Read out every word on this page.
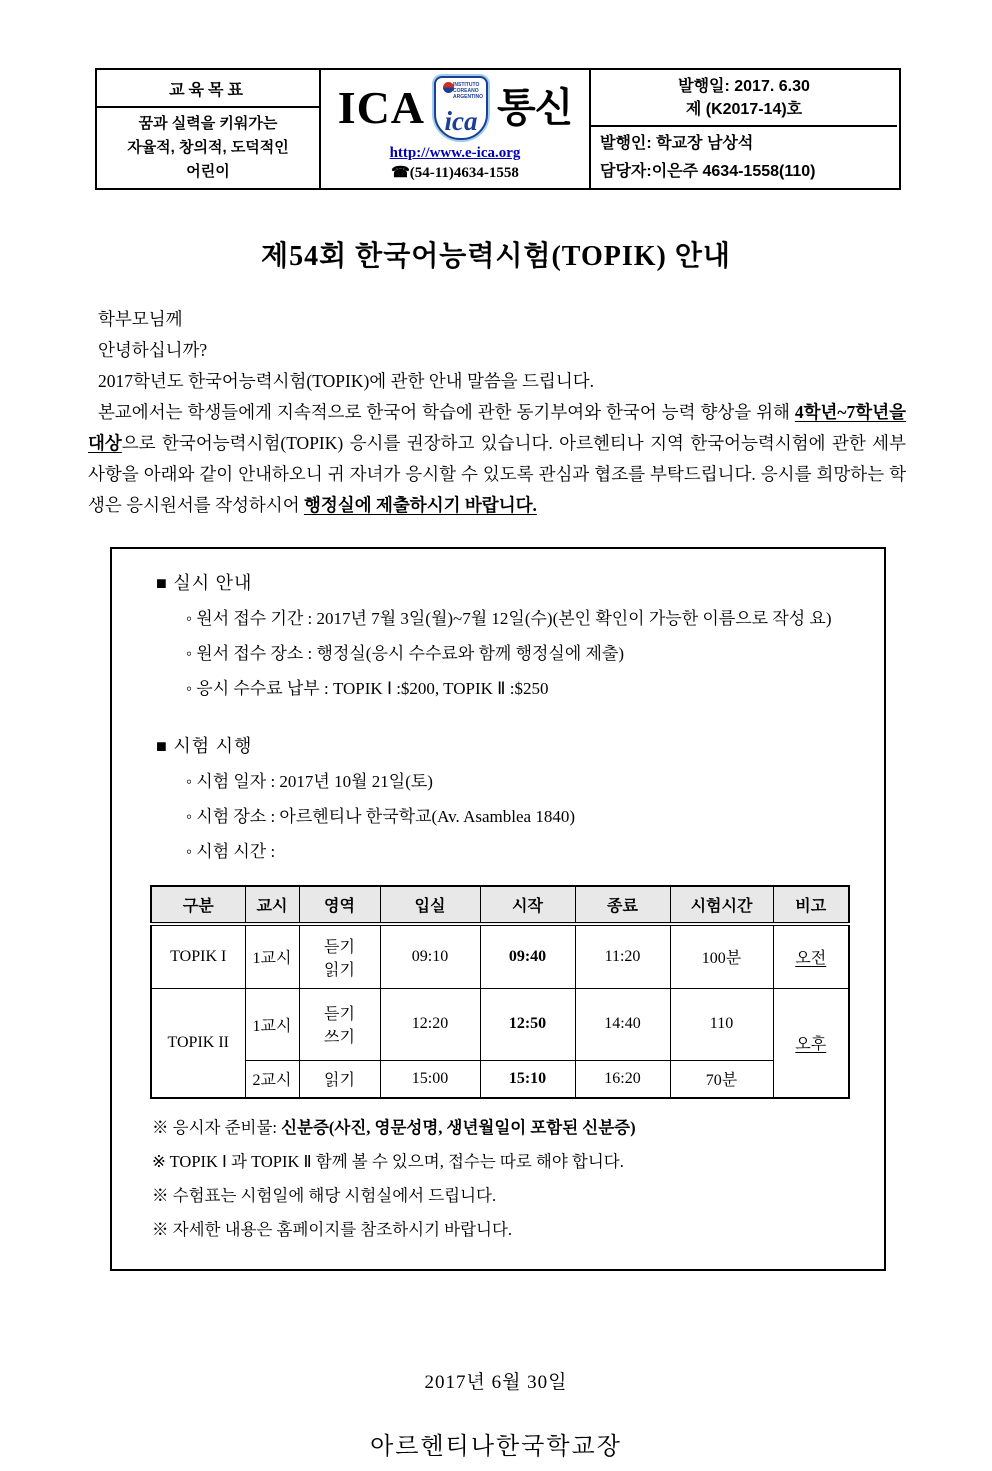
교육목표
꿈과 실력을 키워가는
자율적, 창의적, 도덕적인
어린이
ICA	INSTITUTO COREANO ARGENTINO
ica 통신
http://www.e-ica.org
☎(54-11)4634-1558
발행일: 2017. 6.30
제 (K2017-14)호
발행인: 학교장 남상석
담당자:이은주 4634-1558(110)
제54회 한국어능력시험(TOPIK) 안내

학부모님께

안녕하십니까?

2017학년도 한국어능력시험(TOPIK)에 관한 안내 말씀을 드립니다.

본교에서는 학생들에게 지속적으로 한국어 학습에 관한 동기부여와 한국어 능력 향상을 위해 4학년~7학년을 대상으로 한국어능력시험(TOPIK) 응시를 권장하고 있습니다. 아르헨티나 지역 한국어능력시험에 관한 세부 사항을 아래와 같이 안내하오니 귀 자녀가 응시할 수 있도록 관심과 협조를 부탁드립니다. 응시를 희망하는 학생은 응시원서를 작성하시어 행정실에 제출하시기 바랍니다.

■ 실시 안내
◦ 원서 접수 기간 : 2017년 7월 3일(월)~7월 12일(수)(본인 확인이 가능한 이름으로 작성 요)
◦ 원서 접수 장소 : 행정실(응시 수수료와 함께 행정실에 제출)
◦ 응시 수수료 납부 : TOPIK Ⅰ :$200, TOPIK Ⅱ :$250
■ 시험 시행
◦ 시험 일자 : 2017년 10월 21일(토)
◦ 시험 장소 : 아르헨티나 한국학교(Av. Asamblea 1840)
◦ 시험 시간 :
구분	교시	영역	입실	시작	종료	시험시간	비고
TOPIK I	1교시	듣기
읽기	09:10	09:40	11:20	100분	오전
TOPIK II	1교시	듣기
쓰기	12:20	12:50	14:40	110	오후
	2교시	읽기	15:00	15:10	16:20	70분	
※ 응시자 준비물: 신분증(사진, 영문성명, 생년월일이 포함된 신분증)
※ TOPIK Ⅰ 과 TOPIK Ⅱ 함께 볼 수 있으며, 접수는 따로 해야 합니다.
※ 수험표는 시험일에 해당 시험실에서 드립니다.
※ 자세한 내용은 홈페이지를 참조하시기 바랍니다.
2017년 6월 30일
아르헨티나한국학교장
